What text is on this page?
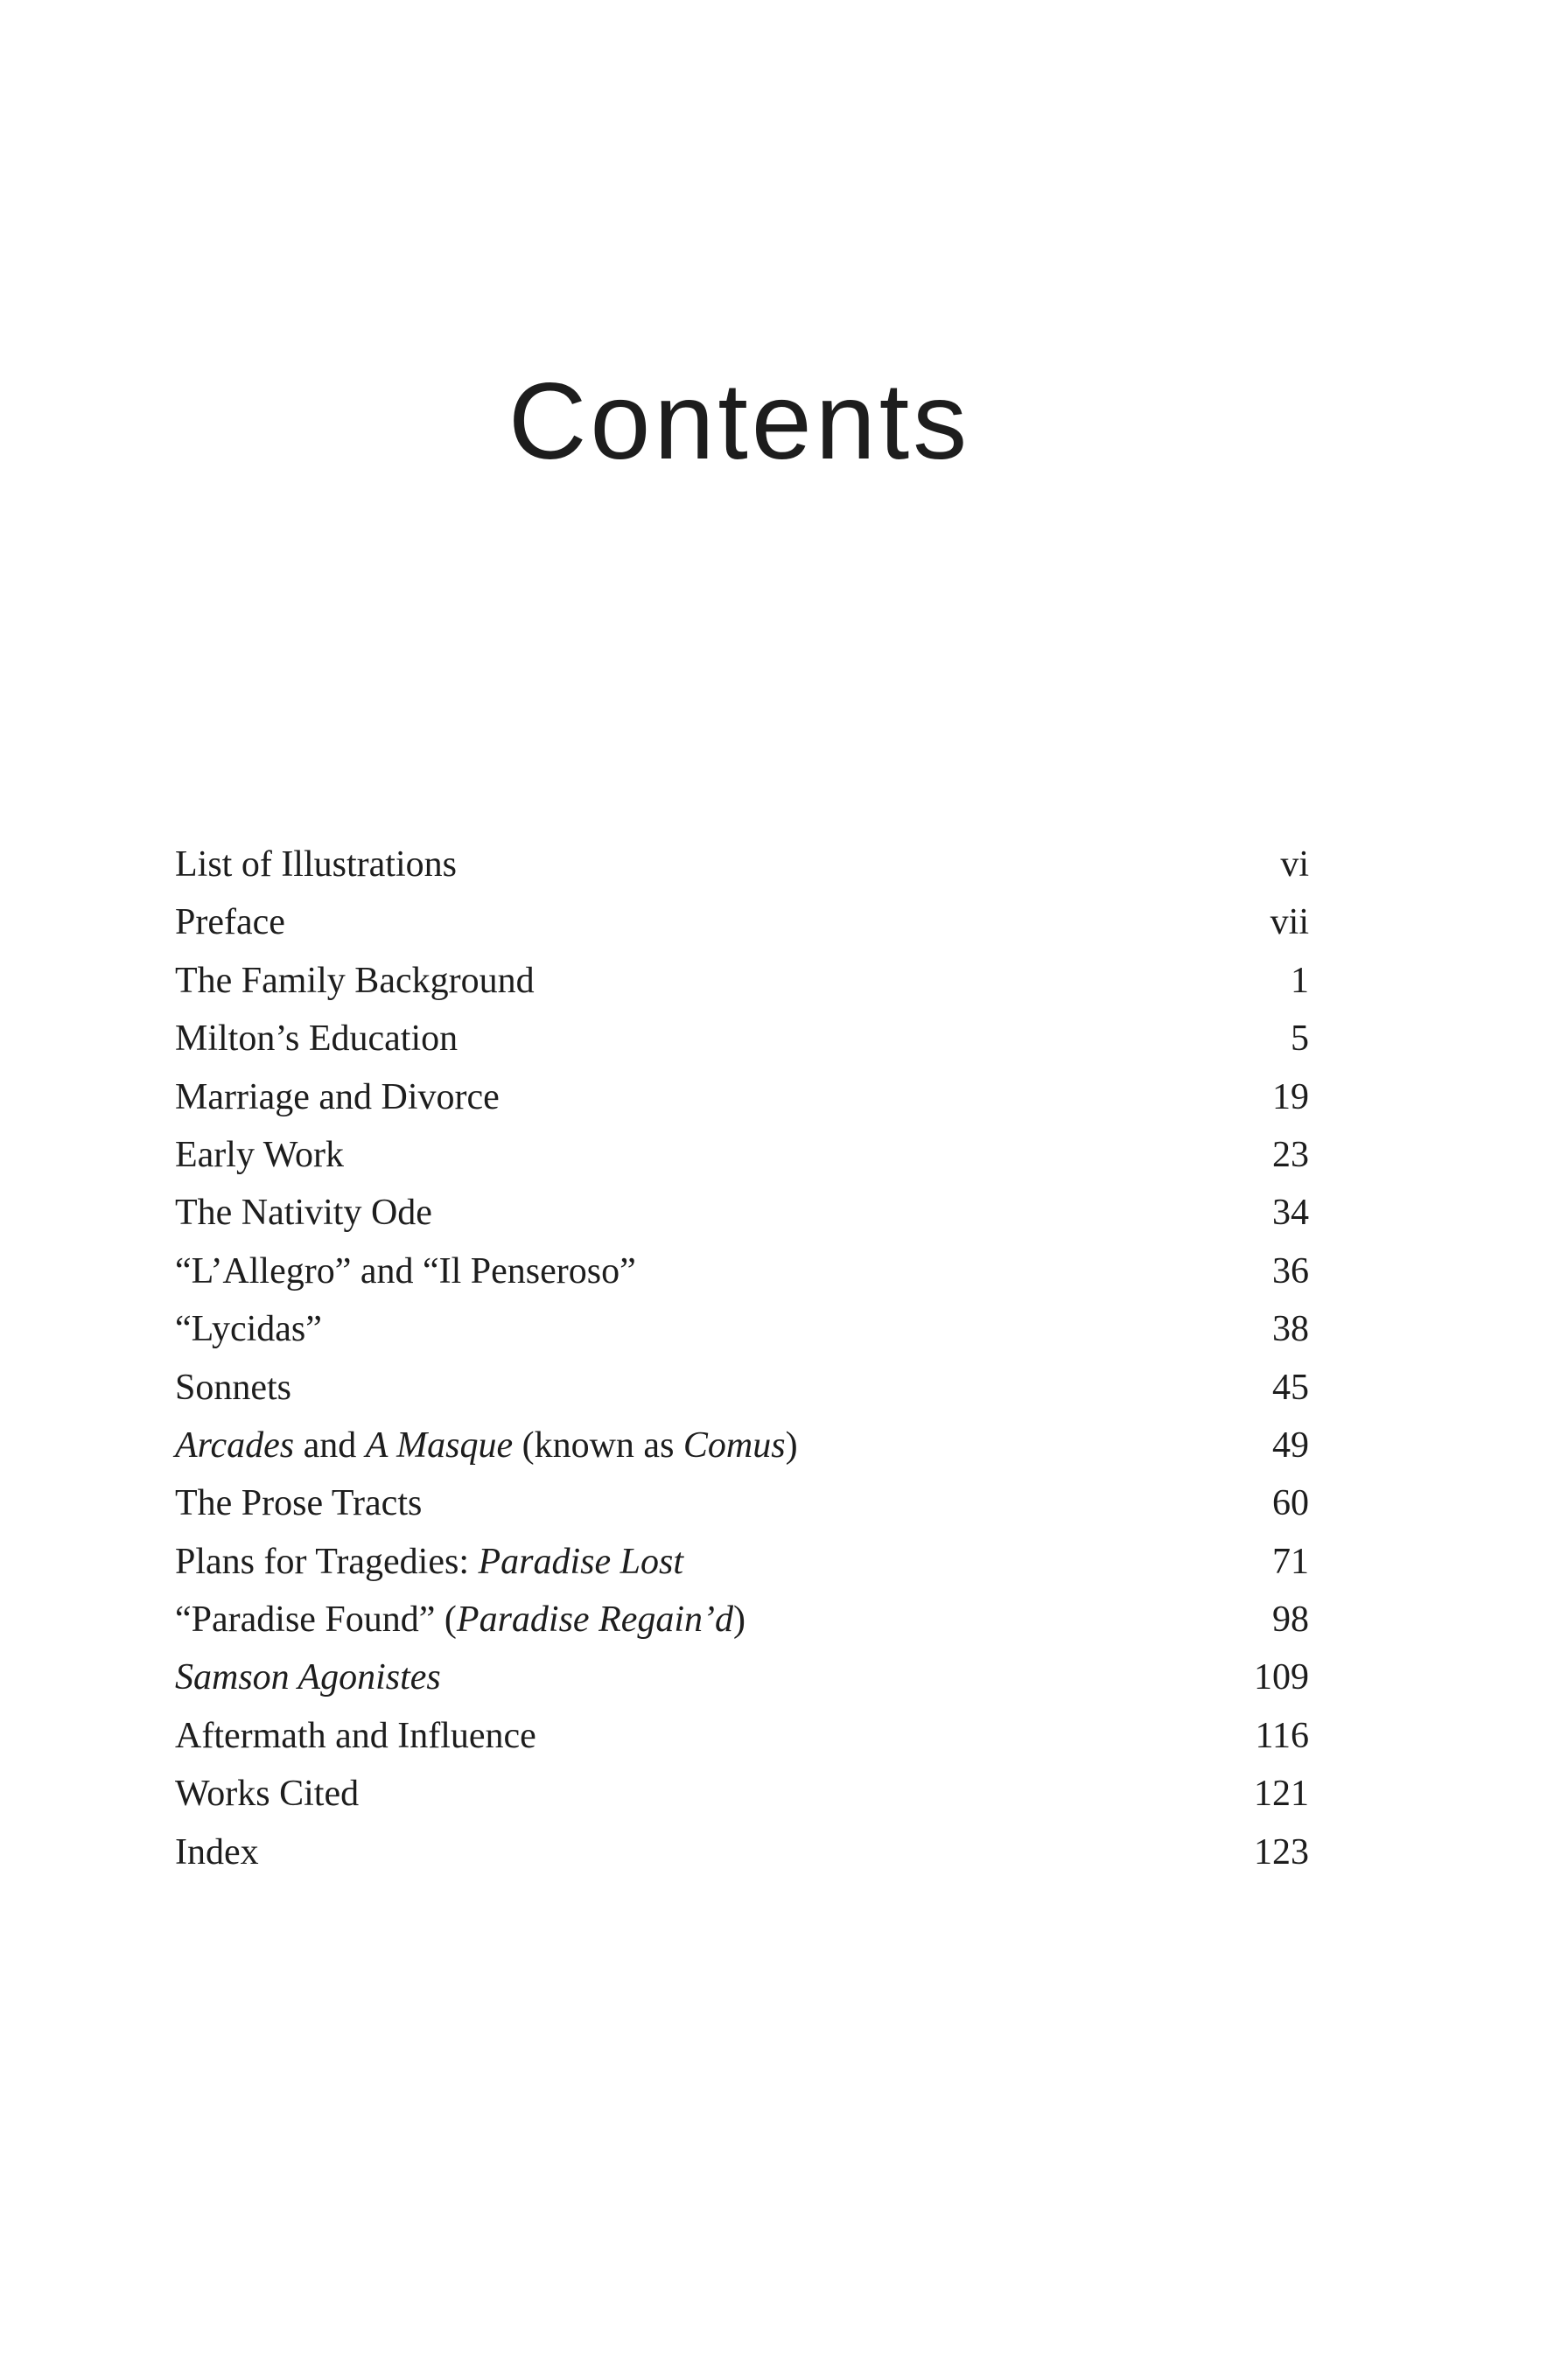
Contents
List of Illustrations	vi
Preface	vii
The Family Background	1
Milton’s Education	5
Marriage and Divorce	19
Early Work	23
The Nativity Ode	34
“L’Allegro” and “Il Penseroso”	36
“Lycidas”	38
Sonnets	45
Arcades and A Masque (known as Comus)	49
The Prose Tracts	60
Plans for Tragedies: Paradise Lost	71
“Paradise Found” (Paradise Regain’d)	98
Samson Agonistes	109
Aftermath and Influence	116
Works Cited	121
Index	123
